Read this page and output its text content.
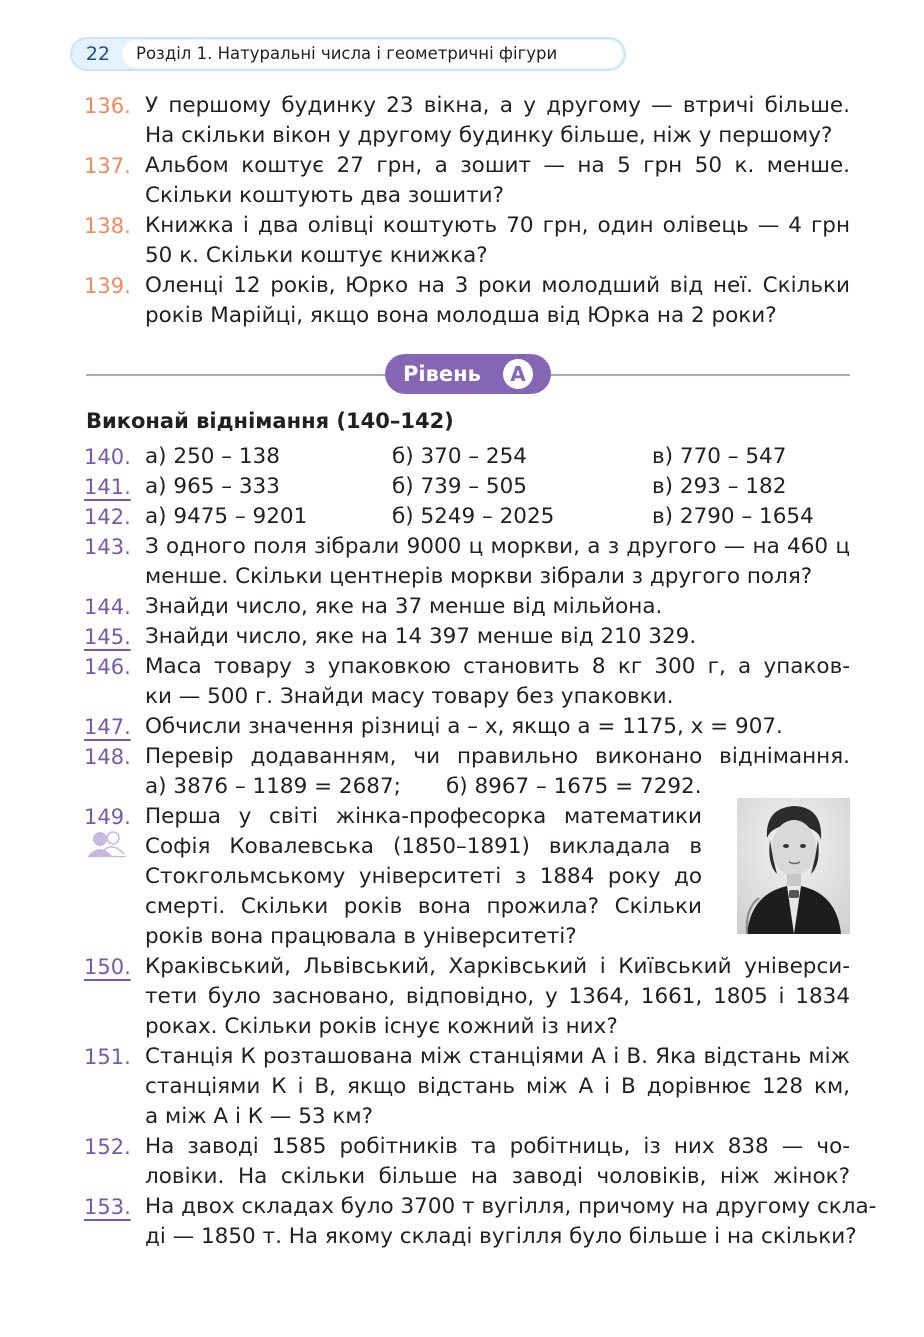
22	Розділ 1. Натуральні числа і геометричні фігури
136. У першому будинку 23 вікна, а у другому — втричі більше.
На скільки вікон у другому будинку більше, ніж у першому?
137. Альбом коштує 27 грн, а зошит — на 5 грн 50 к. менше.
Скільки коштують два зошити?
138. Книжка і два олівці коштують 70 грн, один олівець — 4 грн
50 к. Скільки коштує книжка?
139. Оленці 12 років, Юрко на 3 роки молодший від неї. Скільки
років Марійці, якщо вона молодша від Юрка на 2 роки?
Рівень	А
Виконай віднімання (140–142)
140. а) 250 – 138	б) 370 – 254	в) 770 – 547
141. а) 965 – 333	б) 739 – 505	в) 293 – 182
142. а) 9475 – 9201	б) 5249 – 2025	в) 2790 – 1654
143. З одного поля зібрали 9000 ц моркви, а з другого — на 460 ц
менше. Скільки центнерів моркви зібрали з другого поля?
144. Знайди число, яке на 37 менше від мільйона.
145. Знайди число, яке на 14 397 менше від 210 329.
146. Маса товару з упаковкою становить 8 кг 300 г, а упаков-
ки — 500 г. Знайди масу товару без упаковки.
147. Обчисли значення різниці а – х, якщо а = 1175, х = 907.
148. Перевір додаванням, чи правильно виконано віднімання.
а) 3876 – 1189 = 2687; б) 8967 – 1675 = 7292.
149. Перша у світі жінка-професорка математики
Софія Ковалевська (1850–1891) викладала в
Стокгольмському університеті з 1884 року до
смерті. Скільки років вона прожила? Скільки
років вона працювала в університеті?
150. Краківський, Львівський, Харківський і Київський універси-
тети було засновано, відповідно, у 1364, 1661, 1805 і 1834
роках. Скільки років існує кожний із них?
151. Станція К розташована між станціями А і В. Яка відстань між
станціями К і В, якщо відстань між А і В дорівнює 128 км,
а між А і К — 53 км?
152. На заводі 1585 робітників та робітниць, із них 838 — чо-
ловіки. На скільки більше на заводі чоловіків, ніж жінок?
153. На двох складах було 3700 т вугілля, причому на другому скла-
ді — 1850 т. На якому складі вугілля було більше і на скільки?
